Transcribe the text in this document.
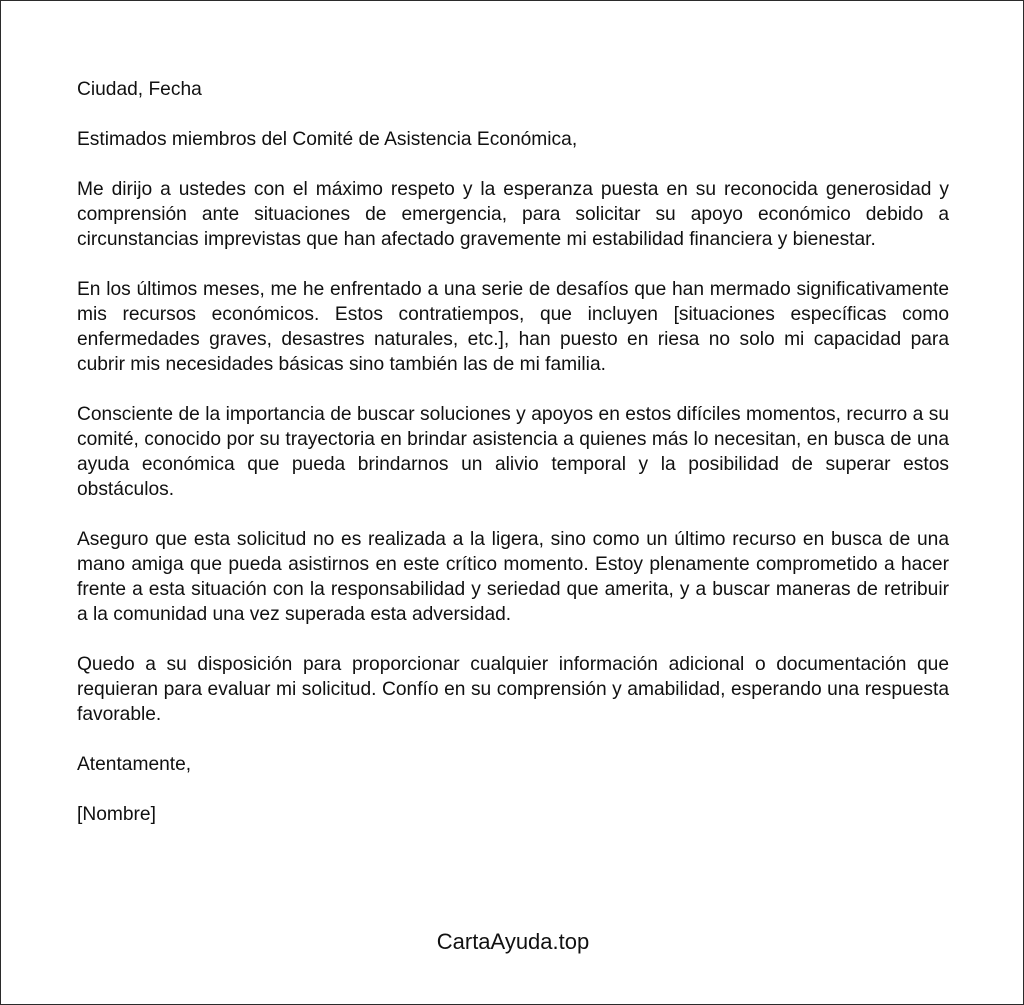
Ciudad, Fecha

Estimados miembros del Comité de Asistencia Económica,

Me dirijo a ustedes con el máximo respeto y la esperanza puesta en su reconocida generosidad y comprensión ante situaciones de emergencia, para solicitar su apoyo económico debido a circunstancias imprevistas que han afectado gravemente mi estabilidad financiera y bienestar.

En los últimos meses, me he enfrentado a una serie de desafíos que han mermado significativamente mis recursos económicos. Estos contratiempos, que incluyen [situaciones específicas como enfermedades graves, desastres naturales, etc.], han puesto en riesa no solo mi capacidad para cubrir mis necesidades básicas sino también las de mi familia.

Consciente de la importancia de buscar soluciones y apoyos en estos difíciles momentos, recurro a su comité, conocido por su trayectoria en brindar asistencia a quienes más lo necesitan, en busca de una ayuda económica que pueda brindarnos un alivio temporal y la posibilidad de superar estos obstáculos.

Aseguro que esta solicitud no es realizada a la ligera, sino como un último recurso en busca de una mano amiga que pueda asistirnos en este crítico momento. Estoy plenamente comprometido a hacer frente a esta situación con la responsabilidad y seriedad que amerita, y a buscar maneras de retribuir a la comunidad una vez superada esta adversidad.

Quedo a su disposición para proporcionar cualquier información adicional o documentación que requieran para evaluar mi solicitud. Confío en su comprensión y amabilidad, esperando una respuesta favorable.

Atentamente,

[Nombre]

CartaAyuda.top
